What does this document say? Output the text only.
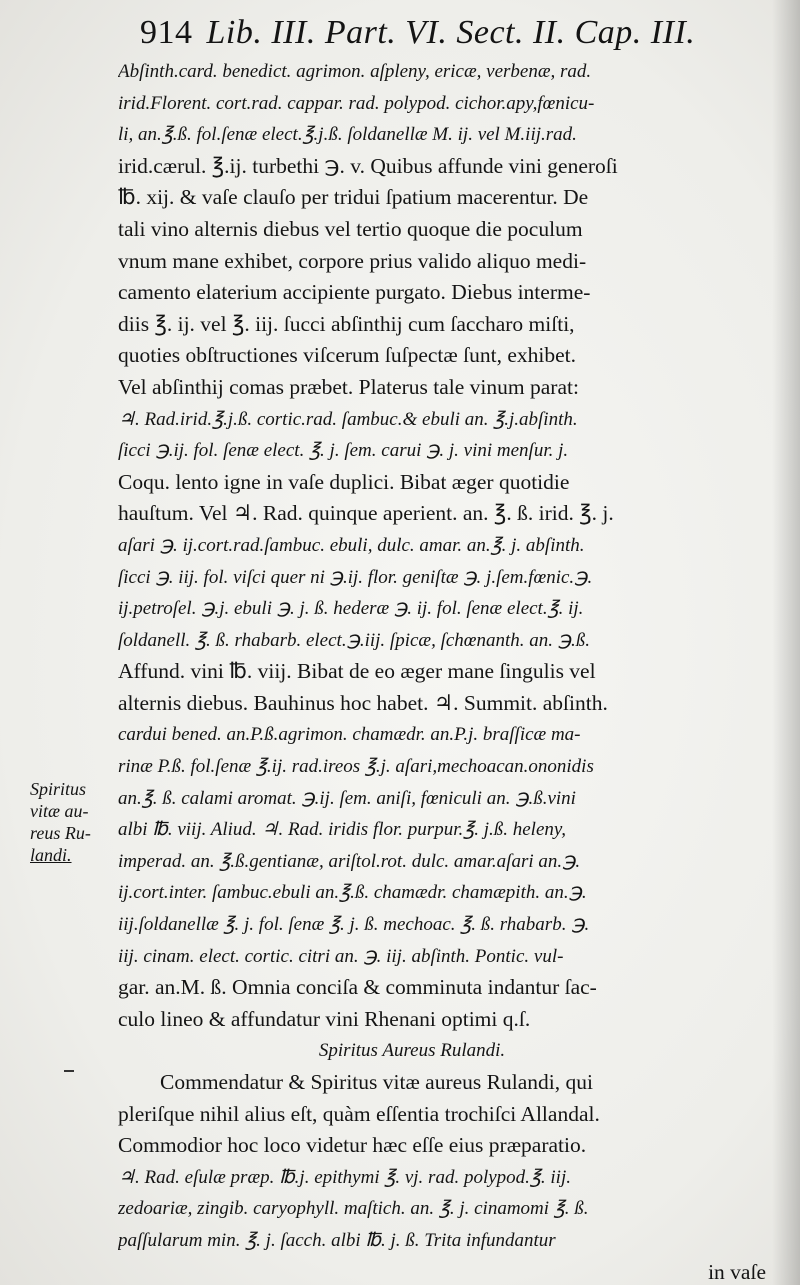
914 Lib. III. Part. VI. Sect. II. Cap. III.
Spiritus
vitæ au-
reus Ru-
landi.
Abſinth.card. benedict. agrimon. aſpleny, ericæ, verbenæ, rad.
irid.Florent. cort.rad. cappar. rad. polypod. cichor.apy,fœnicu-
li, an.℥.ß. fol.ſenæ elect.℥.j.ß. ſoldanellæ M. ij. vel M.iij.rad.
irid.cærul. ℥.ij. turbethi ℈. v. Quibus affunde vini generoſi
℔. xij. & vaſe clauſo per tridui ſpatium macerentur. De
tali vino alternis diebus vel tertio quoque die poculum
vnum mane exhibet, corpore prius valido aliquo medi-
camento elaterium accipiente purgato. Diebus interme-
diis ℥. ij. vel ℥. iij. ſucci abſinthij cum ſaccharo miſti,
quoties obſtructiones viſcerum ſuſpectæ ſunt, exhibet.
Vel abſinthij comas præbet. Platerus tale vinum parat:
♃. Rad.irid.℥.j.ß. cortic.rad. ſambuc.& ebuli an. ℥.j.abſinth.
ſicci ℈.ij. fol. ſenæ elect. ℥. j. ſem. carui ℈. j. vini menſur. j.
Coqu. lento igne in vaſe duplici. Bibat æger quotidie
hauſtum. Vel ♃. Rad. quinque aperient. an. ℥. ß. irid. ℥. j.
aſari ℈. ij.cort.rad.ſambuc. ebuli, dulc. amar. an.℥. j. abſinth.
ſicci ℈. iij. fol. viſci quer ni ℈.ij. flor. geniſtæ ℈. j.ſem.fœnic.℈.
ij.petroſel. ℈.j. ebuli ℈. j. ß. hederæ ℈. ij. fol. ſenæ elect.℥. ij.
ſoldanell. ℥. ß. rhabarb. elect.℈.iij. ſpicæ, ſchœnanth. an. ℈.ß.
Affund. vini ℔. viij. Bibat de eo æger mane ſingulis vel
alternis diebus. Bauhinus hoc habet. ♃. Summit. abſinth.
cardui bened. an.P.ß.agrimon. chamædr. an.P.j. braſſicæ ma-
rinæ P.ß. fol.ſenæ ℥.ij. rad.ireos ℥.j. aſari,mechoacan.ononidis
an.℥. ß. calami aromat. ℈.ij. ſem. aniſi, fœniculi an. ℈.ß.vini
albi ℔. viij. Aliud. ♃. Rad. iridis flor. purpur.℥. j.ß. heleny,
imperad. an. ℥.ß.gentianæ, ariſtol.rot. dulc. amar.aſari an.℈.
ij.cort.inter. ſambuc.ebuli an.℥.ß. chamædr. chamæpith. an.℈.
iij.ſoldanellæ ℥. j. fol. ſenæ ℥. j. ß. mechoac. ℥. ß. rhabarb. ℈.
iij. cinam. elect. cortic. citri an. ℈. iij. abſinth. Pontic. vul-
gar. an.M. ß. Omnia conciſa & comminuta indantur ſac-
culo lineo & affundatur vini Rhenani optimi q.ſ.
Spiritus Aureus Rulandi.
Commendatur & Spiritus vitæ aureus Rulandi, qui
pleriſque nihil alius eſt, quàm eſſentia trochiſci Allandal.
Commodior hoc loco videtur hæc eſſe eius præparatio.
♃. Rad. eſulæ præp. ℔.j. epithymi ℥. vj. rad. polypod.℥. iij.
zedoariæ, zingib. caryophyll. maſtich. an. ℥. j. cinamomi ℥. ß.
paſſularum min. ℥. j. ſacch. albi ℔. j. ß. Trita infundantur
in vaſe
